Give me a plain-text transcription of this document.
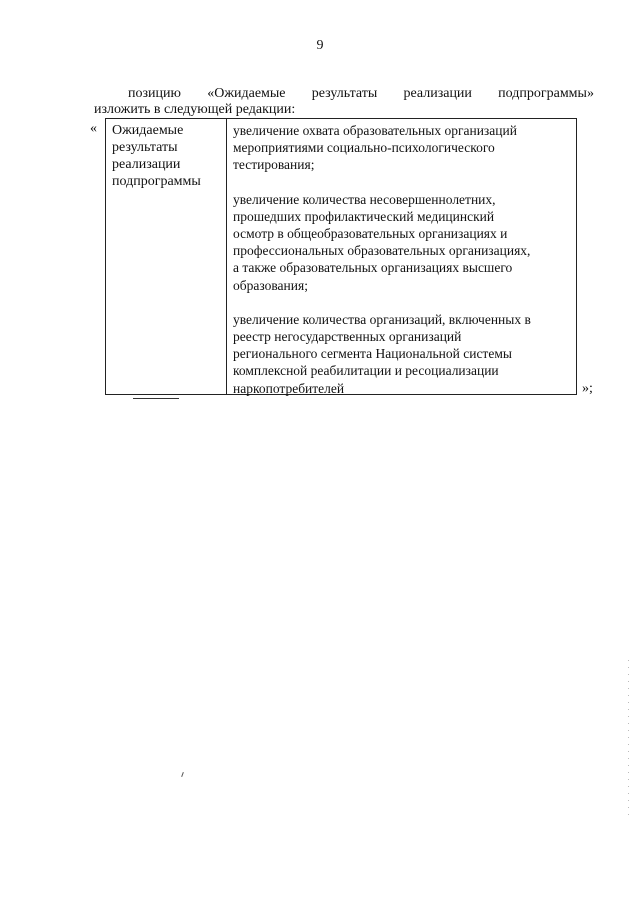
9
позицию «Ожидаемые результаты реализации подпрограммы»
изложить в следующей редакции:
« Ожидаемые
результаты
реализации
подпрограммы
увеличение охвата образовательных организаций
мероприятиями социально-психологического
тестирования;
увеличение количества несовершеннолетних,
прошедших профилактический медицинский
осмотр в общеобразовательных организациях и
профессиональных образовательных организациях,
а также образовательных организациях высшего
образования;
увеличение количества организаций, включенных в
реестр негосударственных организаций
регионального сегмента Национальной системы
комплексной реабилитации и ресоциализации
наркопотребителей	»;
